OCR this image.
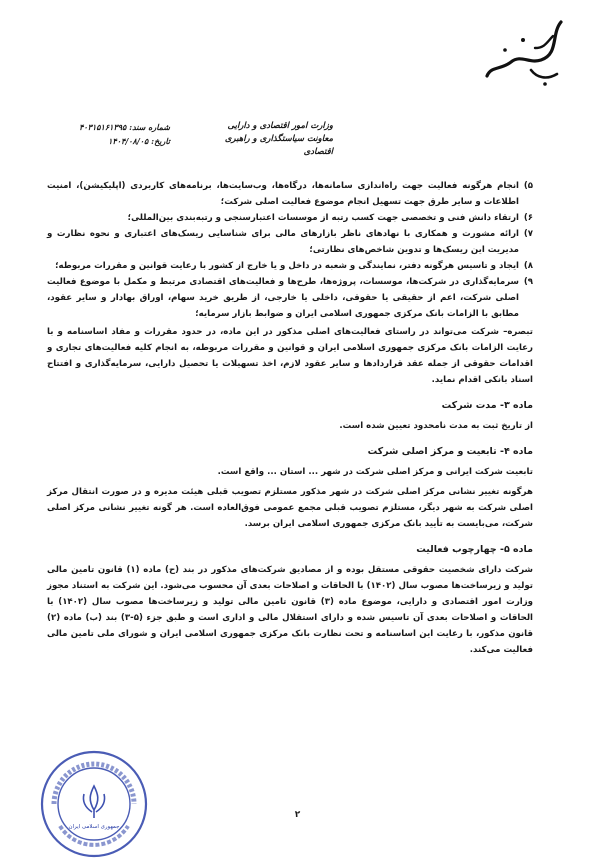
وزارت امور اقتصادی و دارایی
معاونت سیاستگذاری و راهبری اقتصادی
شماره سند: ۴۰۳۱۵۱۶۱۳۹۵
تاریخ: ۱۴۰۴/۰۸/۰۵
۵)
انجام هرگونه فعالیت جهت راه‌اندازی سامانه‌ها، درگاه‌ها، وب‌سایت‌ها، برنامه‌های کاربردی (اپلیکیشن)، امنیت اطلاعات و سایر طرق جهت تسهیل انجام موضوع فعالیت اصلی شرکت؛
۶)
ارتقاء دانش فنی و تخصصی جهت کسب رتبه از موسسات اعتبارسنجی و رتبه‌بندی بین‌المللی؛
۷)
ارائه مشورت و همکاری با نهادهای ناظر بازارهای مالی برای شناسایی ریسک‌های اعتباری و نحوه نظارت و مدیریت این ریسک‌ها و تدوین شاخص‌های نظارتی؛
۸)
ایجاد و تاسیس هرگونه دفتر، نمایندگی و شعبه در داخل و یا خارج از کشور با رعایت قوانین و مقررات مربوطه؛
۹)
سرمایه‌گذاری در شرکت‌ها، موسسات، پروژه‌ها، طرح‌ها و فعالیت‌های اقتصادی مرتبط و مکمل با موضوع فعالیت اصلی شرکت، اعم از حقیقی یا حقوقی، داخلی یا خارجی، از طریق خرید سهام، اوراق بهادار و سایر عقود، مطابق با الزامات بانک مرکزی جمهوری اسلامی ایران و ضوابط بازار سرمایه؛

تبصره– شرکت می‌تواند در راستای فعالیت‌های اصلی مذکور در این ماده، در حدود مقررات و مفاد اساسنامه و با رعایت الزامات بانک مرکزی جمهوری اسلامی ایران و قوانین و مقررات مربوطه، به انجام کلیه فعالیت‌های تجاری و اقدامات حقوقی از جمله عقد قراردادها و سایر عقود لازم، اخذ تسهیلات یا تحصیل دارایی، سرمایه‌گذاری و افتتاح اسناد بانکی اقدام نماید.

ماده ۳- مدت شرکت

از تاریخ ثبت به مدت نامحدود تعیین شده است.

ماده ۴- تابعیت و مرکز اصلی شرکت

تابعیت شرکت ایرانی و مرکز اصلی شرکت در شهر ... استان ... واقع است.

هرگونه تغییر نشانی مرکز اصلی شرکت در شهر مذکور مستلزم تصویب قبلی هیئت مدیره و در صورت انتقال مرکز اصلی شرکت به شهر دیگر، مستلزم تصویب قبلی مجمع عمومی فوق‌العاده است. هر گونه تغییر نشانی مرکز اصلی شرکت، می‌بایست به تأیید بانک مرکزی جمهوری اسلامی ایران برسد.

ماده ۵- چهارچوب فعالیت

شرکت دارای شخصیت حقوقی مستقل بوده و از مصادیق شرکت‌های مذکور در بند (ح) ماده (۱) قانون تامین مالی تولید و زیرساخت‌ها مصوب سال (۱۴۰۲) با الحاقات و اصلاحات بعدی آن محسوب می‌شود. این شرکت به استناد مجوز وزارت امور اقتصادی و دارایی، موضوع ماده (۳) قانون تامین مالی تولید و زیرساخت‌ها مصوب سال (۱۴۰۲) با الحاقات و اصلاحات بعدی آن تاسیس شده و دارای استقلال مالی و اداری است و طبق جزء (۵-۳) بند (ب) ماده (۲) قانون مذکور، با رعایت این اساسنامه و تحت نظارت بانک مرکزی جمهوری اسلامی ایران و شورای ملی تامین مالی فعالیت می‌کند.

جمهوری اسلامی ایران
۲
